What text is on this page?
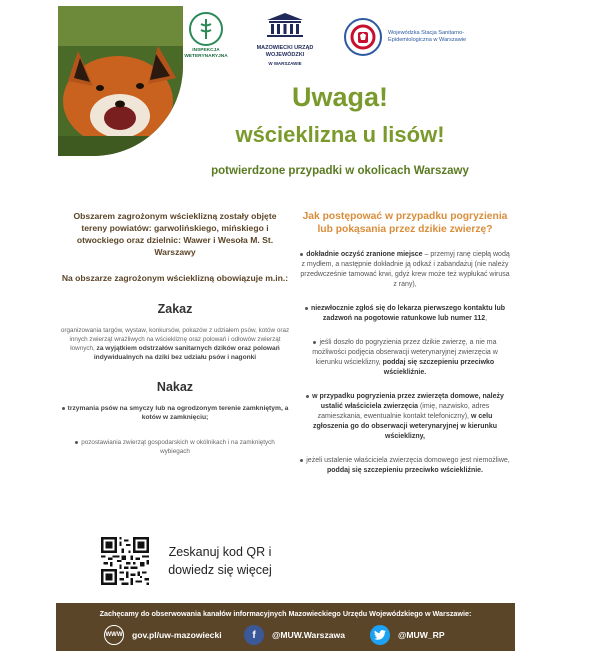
INSPEKCJA WETERYNARYJNA
MAZOWIECKI URZĄD WOJEWÓDZKI
W WARSZAWIE
Wojewódzka Stacja Sanitarno-Epidemiologiczna w Warszawie
Uwaga!
wścieklizna u lisów!
potwierdzone przypadki w okolicach Warszawy
Obszarem zagrożonym wścieklizną zostały objęte tereny powiatów: garwolińskiego, mińskiego i otwockiego oraz dzielnic: Wawer i Wesoła M. St. Warszawy
Na obszarze zagrożonym wścieklizną obowiązuje m.in.:
Zakaz
organizowania targów, wystaw, konkursów, pokazów z udziałem psów, kotów oraz innych zwierząt wrażliwych na wściekliznę oraz polowań i odłowów zwierząt łownych, za wyjątkiem odstrzałów sanitarnych dzików oraz polowań indywidualnych na dziki bez udziału psów i nagonki
Nakaz
trzymania psów na smyczy lub na ogrodzonym terenie zamkniętym, a kotów w zamknięciu;
pozostawiania zwierząt gospodarskich w okólnikach i na zamkniętych wybiegach
Zeskanuj kod QR i dowiedz się więcej
Jak postępować w przypadku pogryzienia lub pokąsania przez dzikie zwierzę?
dokładnie oczyść zranione miejsce – przemyj ranę ciepłą wodą z mydłem, a następnie dokładnie ją odkaź i zabandażuj (nie należy przedwcześnie tamować krwi, gdyż krew może też wypłukać wirusa z rany),
niezwłocznie zgłoś się do lekarza pierwszego kontaktu lub zadzwoń na pogotowie ratunkowe lub numer 112,
jeśli doszło do pogryzienia przez dzikie zwierzę, a nie ma możliwości podjęcia obserwacji weterynaryjnej zwierzęcia w kierunku wścieklizny, poddaj się szczepieniu przeciwko wściekliźnie.
w przypadku pogryzienia przez zwierzęta domowe, należy ustalić właściciela zwierzęcia (imię, nazwisko, adres zamieszkania, ewentualnie kontakt telefoniczny), w celu zgłoszenia go do obserwacji weterynaryjnej w kierunku wścieklizny,
jeżeli ustalenie właściciela zwierzęcia domowego jest niemożliwe, poddaj się szczepieniu przeciwko wściekliźnie.
Zachęcamy do obserwowania kanałów informacyjnych Mazowieckiego Urzędu Wojewódzkiego w Warszawie:
WWW gov.pl/uw-mazowiecki	f	@MUW.Warszawa	@MUW_RP
